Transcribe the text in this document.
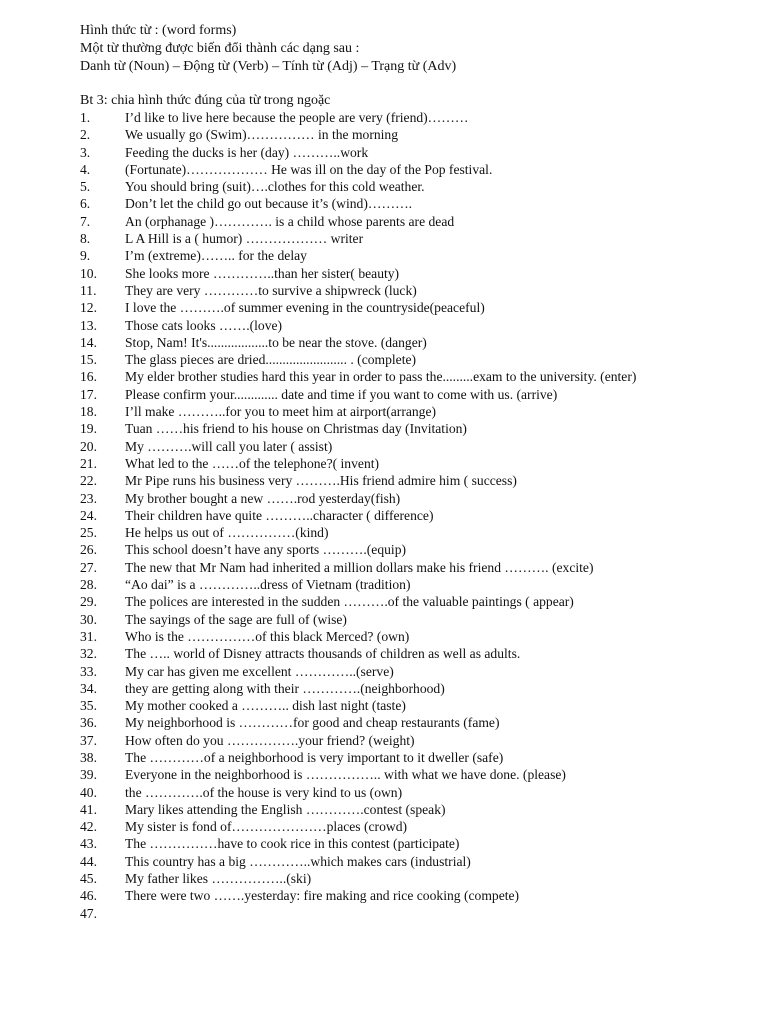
Hình thức từ : (word forms)
Một từ thường được biến đổi thành các dạng sau :
Danh từ (Noun) – Động từ (Verb) – Tính từ (Adj) – Trạng từ (Adv)
Bt 3: chia hình thức đúng của từ trong ngoặc
1.	I’d like to live here because the people are very (friend)………
2.	We usually go (Swim)…………… in the morning
3.	Feeding the ducks is her (day) ………..work
4.	(Fortunate)……………… He was ill on the day of the Pop festival.
5.	You should bring (suit)….clothes for this cold weather.
6.	Don’t let the child go out because it’s (wind)……….
7.	An (orphanage )…………. is a child whose parents are dead
8.	L A Hill is a ( humor) ……………… writer
9.	I’m (extreme)…….. for the delay
10. She looks more …………..than her sister( beauty)
11. They are very …………to survive a shipwreck (luck)
12. I love the ……….of summer evening in the countryside(peaceful)
13. Those cats looks …….(love)
14. Stop, Nam! It's..................to be near the stove. (danger)
15. The glass pieces are dried........................ . (complete)
16. My elder brother studies hard this year in order to pass the.........exam to the university. (enter)
17. Please confirm your............. date and time if you want to come with us. (arrive)
18. I’ll make ………..for you to meet him at airport(arrange)
19. Tuan ……his friend to his house on Christmas day (Invitation)
20. My ……….will call you later ( assist)
21. What led to the ……of the telephone?( invent)
22. Mr Pipe runs his business very ……….His friend admire him ( success)
23. My brother bought a new …….rod yesterday(fish)
24. Their children have quite ………..character ( difference)
25. He helps us out of ……………(kind)
26. This school doesn’t have any sports ……….(equip)
27. The new that Mr Nam had inherited a million dollars make his friend ………. (excite)
28. “Ao dai” is a …………..dress of Vietnam (tradition)
29. The polices are interested in the sudden ……….of the valuable paintings ( appear)
30. The sayings of the sage are full of (wise)
31. Who is the ……………of this black Merced? (own)
32. The ….. world of Disney attracts thousands of children as well as adults.
33. My car has given me excellent …………..(serve)
34. they are getting along with their ………….(neighborhood)
35. My mother cooked a ……….. dish last night (taste)
36. My neighborhood is …………for good and cheap restaurants (fame)
37. How often do you …………….your friend? (weight)
38. The …………of a neighborhood is very important to it dweller (safe)
39. Everyone in the neighborhood is …………….. with what we have done. (please)
40. the ………….of the house is very kind to us (own)
41. Mary likes attending the English ………….contest (speak)
42. My sister is fond of…………………places (crowd)
43. The ……………have to cook rice in this contest (participate)
44. This country has a big …………..which makes cars (industrial)
45. My father likes ……………..(ski)
46. There were two …….yesterday: fire making and rice cooking (compete)
47.
